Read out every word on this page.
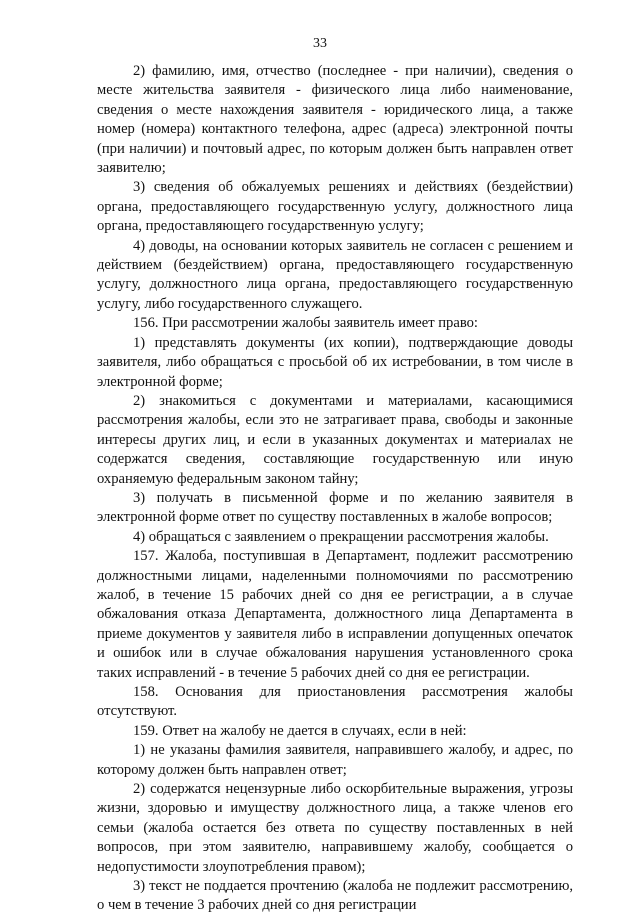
33

2) фамилию, имя, отчество (последнее - при наличии), сведения о месте жительства заявителя - физического лица либо наименование, сведения о месте нахождения заявителя - юридического лица, а также номер (номера) контактного телефона, адрес (адреса) электронной почты (при наличии) и почтовый адрес, по которым должен быть направлен ответ заявителю;

3) сведения об обжалуемых решениях и действиях (бездействии) органа, предоставляющего государственную услугу, должностного лица органа, предоставляющего государственную услугу;

4) доводы, на основании которых заявитель не согласен с решением и действием (бездействием) органа, предоставляющего государственную услугу, должностного лица органа, предоставляющего государственную услугу, либо государственного служащего.

156. При рассмотрении жалобы заявитель имеет право:

1) представлять документы (их копии), подтверждающие доводы заявителя, либо обращаться с просьбой об их истребовании, в том числе в электронной форме;

2) знакомиться с документами и материалами, касающимися рассмотрения жалобы, если это не затрагивает права, свободы и законные интересы других лиц, и если в указанных документах и материалах не содержатся сведения, составляющие государственную или иную охраняемую федеральным законом тайну;

3) получать в письменной форме и по желанию заявителя в электронной форме ответ по существу поставленных в жалобе вопросов;

4) обращаться с заявлением о прекращении рассмотрения жалобы.

157. Жалоба, поступившая в Департамент, подлежит рассмотрению должностными лицами, наделенными полномочиями по рассмотрению жалоб, в течение 15 рабочих дней со дня ее регистрации, а в случае обжалования отказа Департамента, должностного лица Департамента в приеме документов у заявителя либо в исправлении допущенных опечаток и ошибок или в случае обжалования нарушения установленного срока таких исправлений - в течение 5 рабочих дней со дня ее регистрации.

158. Основания для приостановления рассмотрения жалобы отсутствуют.

159. Ответ на жалобу не дается в случаях, если в ней:

1) не указаны фамилия заявителя, направившего жалобу, и адрес, по которому должен быть направлен ответ;

2) содержатся нецензурные либо оскорбительные выражения, угрозы жизни, здоровью и имуществу должностного лица, а также членов его семьи (жалоба остается без ответа по существу поставленных в ней вопросов, при этом заявителю, направившему жалобу, сообщается о недопустимости злоупотребления правом);

3) текст не поддается прочтению (жалоба не подлежит рассмотрению, о чем в течение 3 рабочих дней со дня регистрации
